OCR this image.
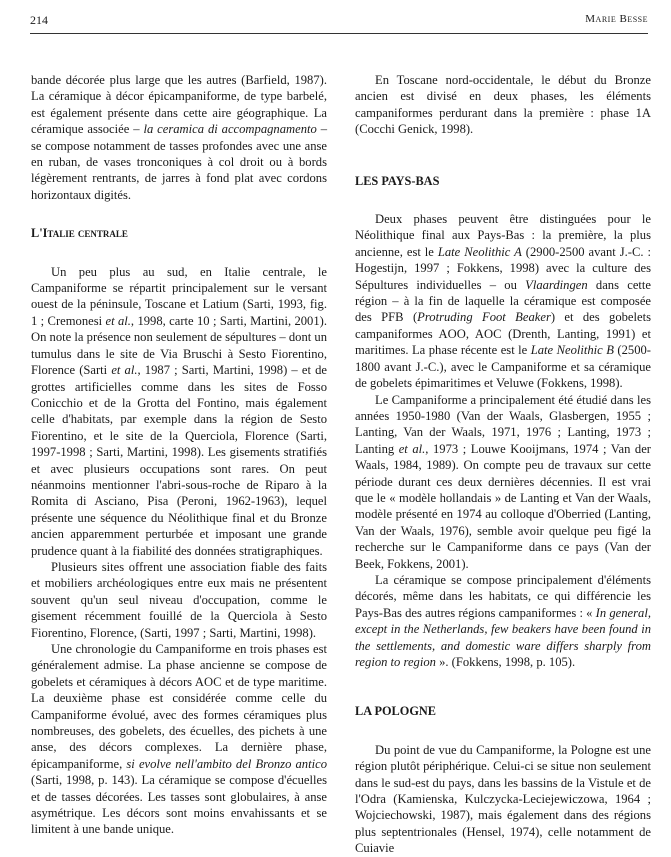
214	Marie Besse

bande décorée plus large que les autres (Barfield, 1987). La céramique à décor épicampaniforme, de type barbelé, est également présente dans cette aire géographique. La céramique associée – la ceramica di accompagnamento – se compose notamment de tasses profondes avec une anse en ruban, de vases tronconiques à col droit ou à bords légèrement rentrants, de jarres à fond plat avec cordons horizontaux digités.

L'Italie centrale

Un peu plus au sud, en Italie centrale, le Campaniforme se répartit principalement sur le versant ouest de la péninsule, Toscane et Latium (Sarti, 1993, fig. 1 ; Cremonesi et al., 1998, carte 10 ; Sarti, Martini, 2001). On note la présence non seulement de sépultures – dont un tumulus dans le site de Via Bruschi à Sesto Fiorentino, Florence (Sarti et al., 1987 ; Sarti, Martini, 1998) – et de grottes artificielles comme dans les sites de Fosso Conicchio et de la Grotta del Fontino, mais également celle d'habitats, par exemple dans la région de Sesto Fiorentino, et le site de la Querciola, Florence (Sarti, 1997-1998 ; Sarti, Martini, 1998). Les gisements stratifiés et avec plusieurs occupations sont rares. On peut néanmoins mentionner l'abri-sous-roche de Riparo à la Romita di Asciano, Pisa (Peroni, 1962-1963), lequel présente une séquence du Néolithique final et du Bronze ancien apparemment perturbée et imposant une grande prudence quant à la fiabilité des données stratigraphiques.

Plusieurs sites offrent une association fiable des faits et mobiliers archéologiques entre eux mais ne présentent souvent qu'un seul niveau d'occupation, comme le gisement récemment fouillé de la Querciola à Sesto Fiorentino, Florence, (Sarti, 1997 ; Sarti, Martini, 1998).

Une chronologie du Campaniforme en trois phases est généralement admise. La phase ancienne se compose de gobelets et céramiques à décors AOC et de type maritime. La deuxième phase est considérée comme celle du Campaniforme évolué, avec des formes céramiques plus nombreuses, des gobelets, des écuelles, des pichets à une anse, des décors complexes. La dernière phase, épicampaniforme, si evolve nell'ambito del Bronzo antico (Sarti, 1998, p. 143). La céramique se compose d'écuelles et de tasses décorées. Les tasses sont globulaires, à anse asymétrique. Les décors sont moins envahissants et se limitent à une bande unique.

En Toscane nord-occidentale, le début du Bronze ancien est divisé en deux phases, les éléments campaniformes perdurant dans la première : phase 1A (Cocchi Genick, 1998).

LES PAYS-BAS

Deux phases peuvent être distinguées pour le Néolithique final aux Pays-Bas : la première, la plus ancienne, est le Late Neolithic A (2900-2500 avant J.-C. : Hogestijn, 1997 ; Fokkens, 1998) avec la culture des Sépultures individuelles – ou Vlaardingen dans cette région – à la fin de laquelle la céramique est composée des PFB (Protruding Foot Beaker) et des gobelets campaniformes AOO, AOC (Drenth, Lanting, 1991) et maritimes. La phase récente est le Late Neolithic B (2500-1800 avant J.-C.), avec le Campaniforme et sa céramique de gobelets épimaritimes et Veluwe (Fokkens, 1998).

Le Campaniforme a principalement été étudié dans les années 1950-1980 (Van der Waals, Glasbergen, 1955 ; Lanting, Van der Waals, 1971, 1976 ; Lanting, 1973 ; Lanting et al., 1973 ; Louwe Kooijmans, 1974 ; Van der Waals, 1984, 1989). On compte peu de travaux sur cette période durant ces deux dernières décennies. Il est vrai que le « modèle hollandais » de Lanting et Van der Waals, modèle présenté en 1974 au colloque d'Oberried (Lanting, Van der Waals, 1976), semble avoir quelque peu figé la recherche sur le Campaniforme dans ce pays (Van der Beek, Fokkens, 2001).

La céramique se compose principalement d'éléments décorés, même dans les habitats, ce qui différencie les Pays-Bas des autres régions campaniformes : « In general, except in the Netherlands, few beakers have been found in the settlements, and domestic ware differs sharply from region to region ». (Fokkens, 1998, p. 105).

LA POLOGNE

Du point de vue du Campaniforme, la Pologne est une région plutôt périphérique. Celui-ci se situe non seulement dans le sud-est du pays, dans les bassins de la Vistule et de l'Odra (Kamienska, Kulczycka-Leciejewiczowa, 1964 ; Wojciechowski, 1987), mais également dans des régions plus septentrionales (Hensel, 1974), celle notamment de Cuiavie
